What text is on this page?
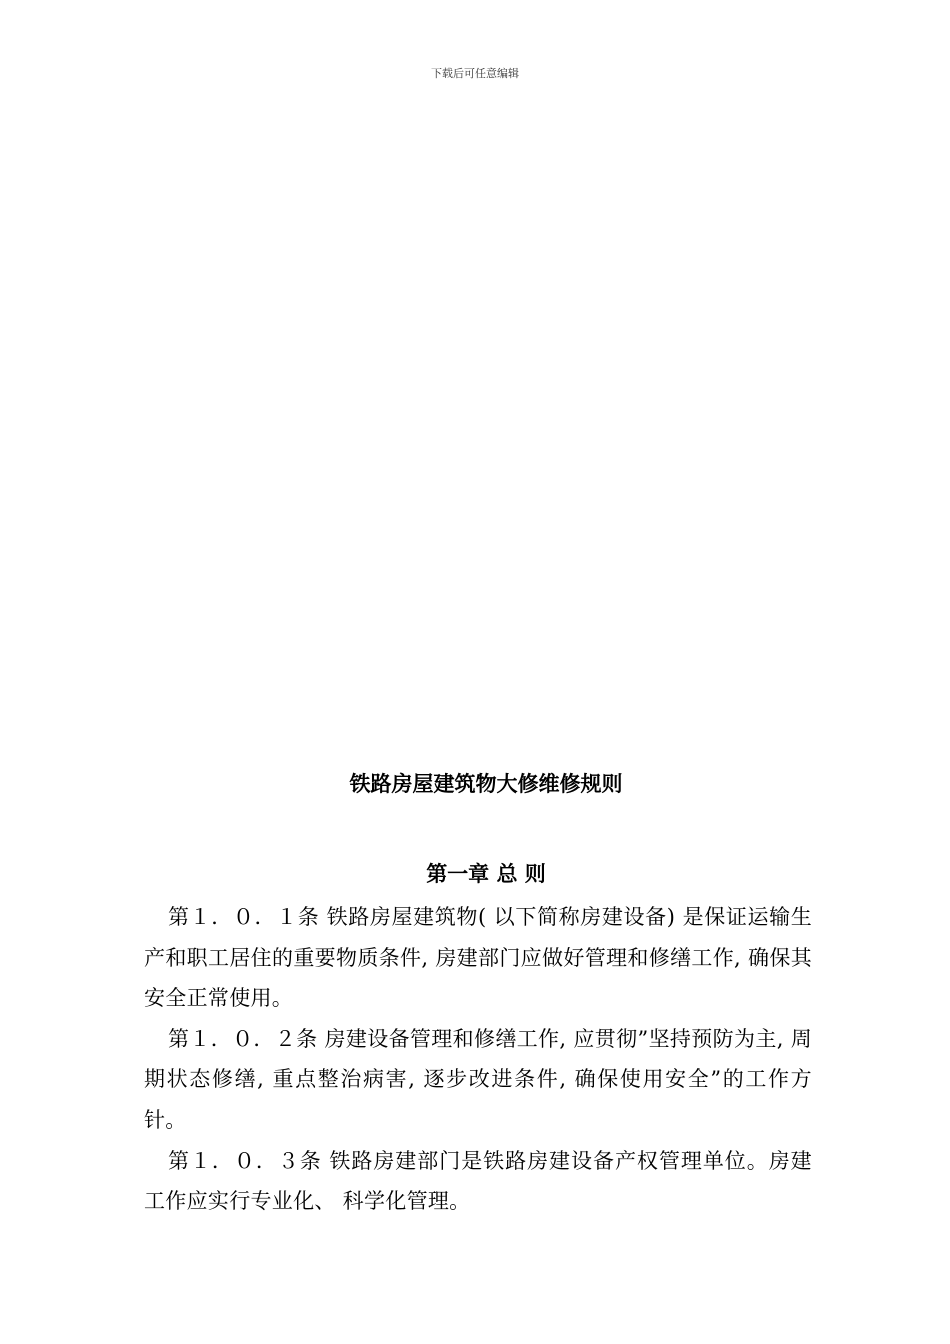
下载后可任意编辑
铁路房屋建筑物大修维修规则
第一章 总 则

第１．０．１条 铁路房屋建筑物( 以下简称房建设备) 是保证运输生产和职工居住的重要物质条件, 房建部门应做好管理和修缮工作, 确保其安全正常使用。

第１．０．２条 房建设备管理和修缮工作, 应贯彻”坚持预防为主, 周期状态修缮, 重点整治病害, 逐步改进条件, 确保使用安全”的工作方针。

第１．０．３条 铁路房建部门是铁路房建设备产权管理单位。房建工作应实行专业化、 科学化管理。
